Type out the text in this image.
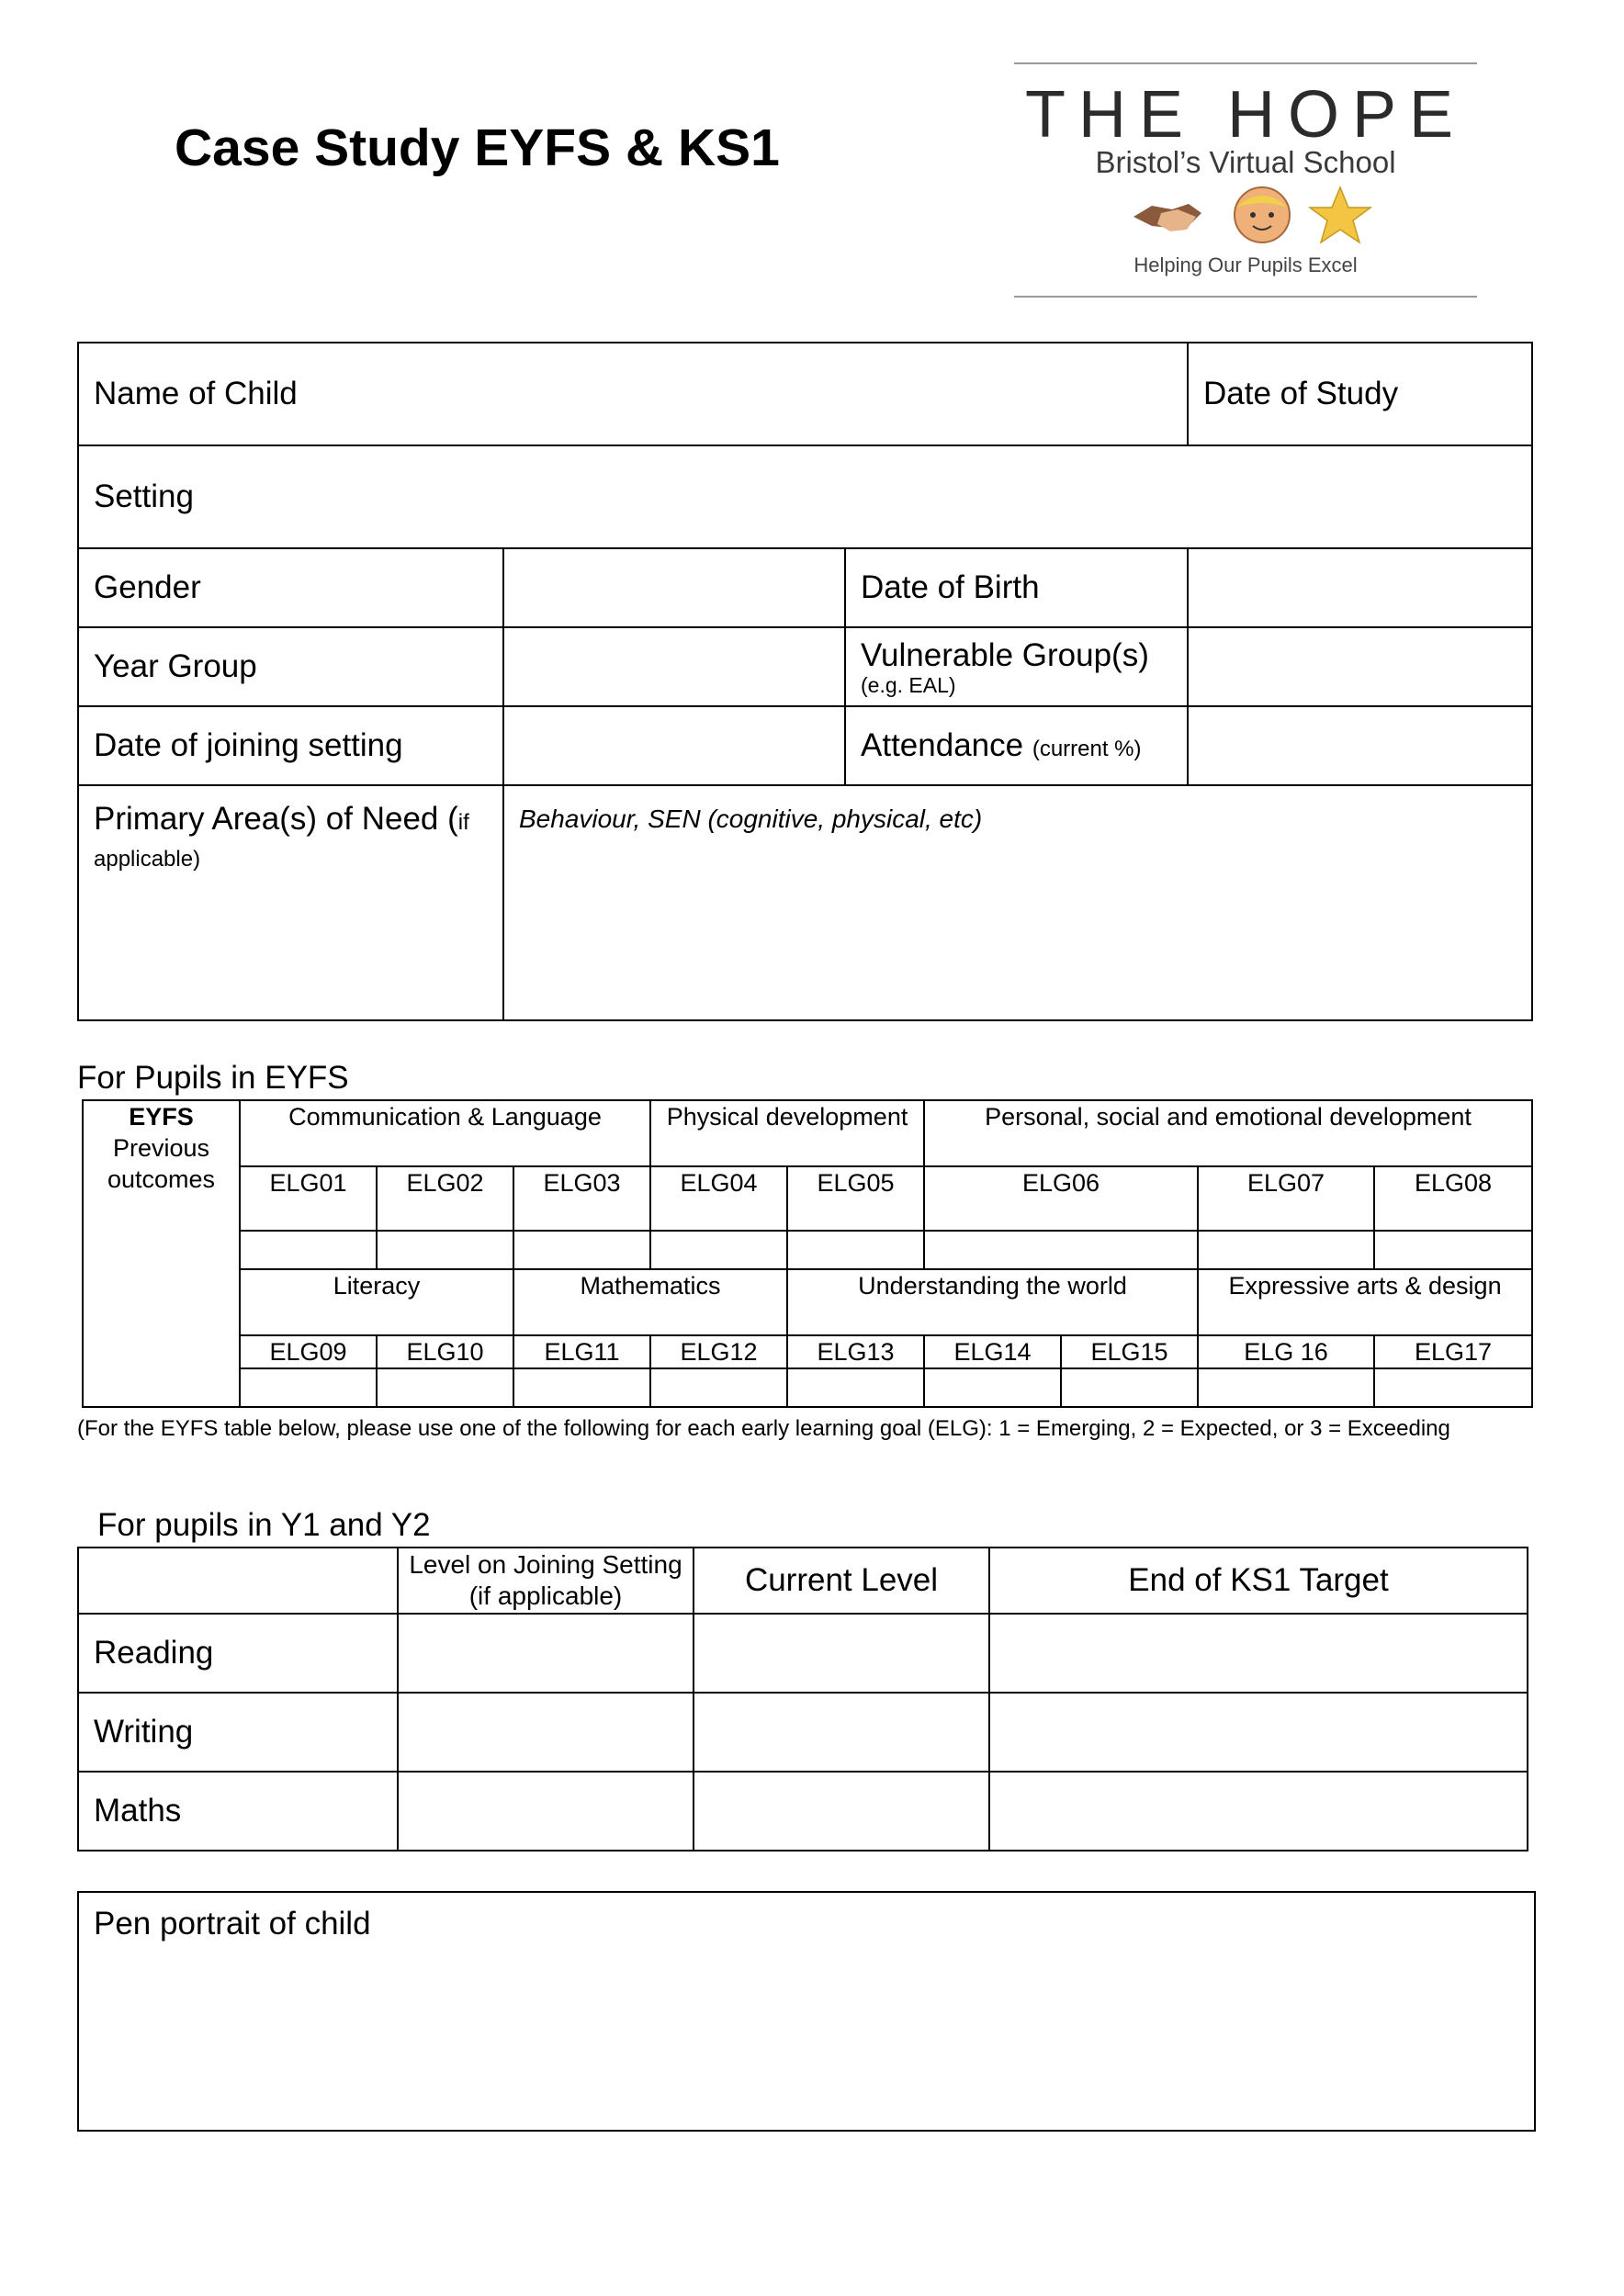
Case Study EYFS & KS1	THE HOPE
Bristol’s Virtual School
Helping Our Pupils Excel
Name of Child			Date of Study
Setting			
Gender		Date of Birth	
Year Group		Vulnerable Group(s)
(e.g. EAL)	

Date of joining setting		Attendance (current %)	
Primary Area(s) of Need (if
applicable)	Behaviour, SEN (cognitive, physical, etc)		
For Pupils in EYFS
EYFS
Previous outcomes	Communication & Language			Physical development		Personal, social and emotional development			
	ELG01	ELG02	ELG03	ELG04	ELG05	ELG06		ELG07	ELG08

	Literacy		Mathematics		Understanding the world			Expressive arts & design	
	ELG09	ELG10	ELG11	ELG12	ELG13	ELG14	ELG15	ELG 16	ELG17

(For the EYFS table below, please use one of the following for each early learning goal (ELG): 1 = Emerging, 2 = Expected, or 3 = Exceeding
For pupils in Y1 and Y2
	Level on Joining Setting (if applicable)	Current Level	End of KS1 Target
Reading			
Writing			
Maths			
Pen portrait of child
